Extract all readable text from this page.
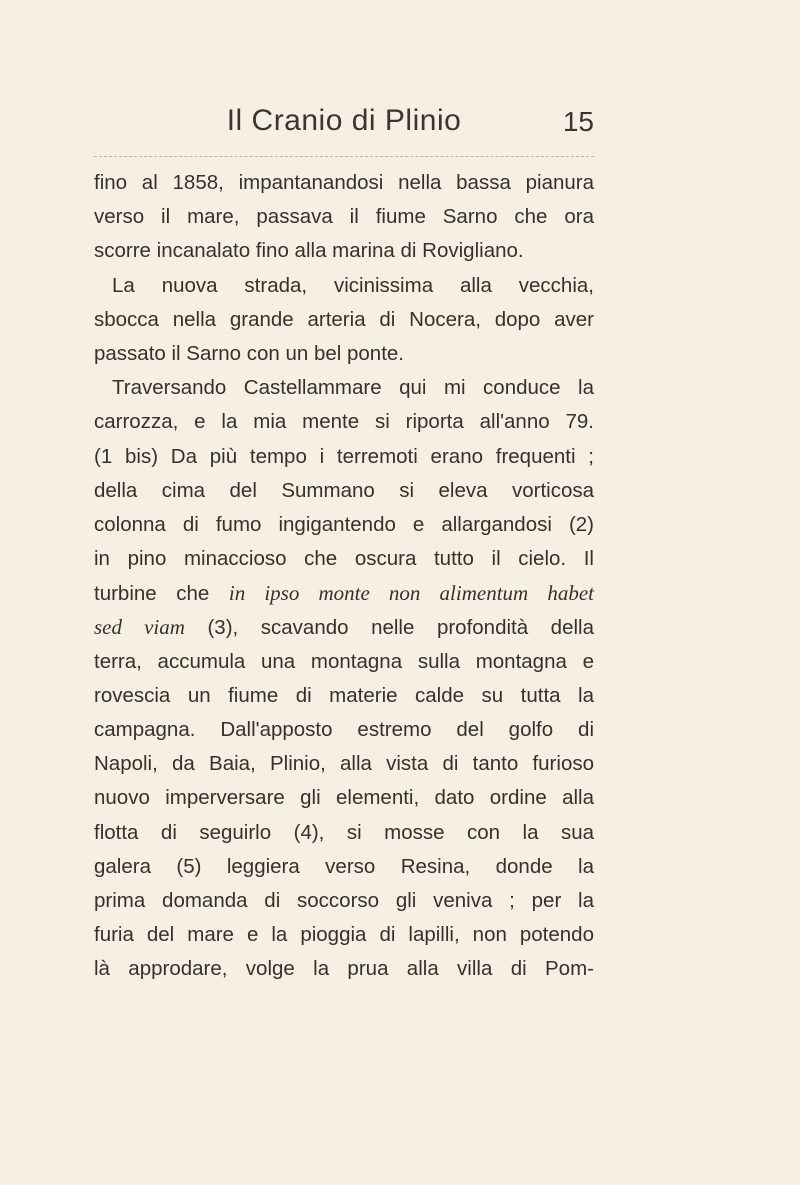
Il Cranio di Plinio	15
fino al 1858, impantanandosi nella bassa pianura
verso il mare, passava il fiume Sarno che ora
scorre incanalato fino alla marina di Rovigliano.
La nuova strada, vicinissima alla vecchia,
sbocca nella grande arteria di Nocera, dopo aver
passato il Sarno con un bel ponte.
Traversando Castellammare qui mi conduce la
carrozza, e la mia mente si riporta all'anno 79.
(1 bis) Da più tempo i terremoti erano frequenti ;
della cima del Summano si eleva vorticosa
colonna di fumo ingigantendo e allargandosi (2)
in pino minaccioso che oscura tutto il cielo. Il
turbine che in ipso monte non alimentum habet
sed viam (3), scavando nelle profondità della
terra, accumula una montagna sulla montagna e
rovescia un fiume di materie calde su tutta la
campagna. Dall'apposto estremo del golfo di
Napoli, da Baia, Plinio, alla vista di tanto furioso
nuovo imperversare gli elementi, dato ordine alla
flotta di seguirlo (4), si mosse con la sua
galera (5) leggiera verso Resina, donde la
prima domanda di soccorso gli veniva ; per la
furia del mare e la pioggia di lapilli, non potendo
là approdare, volge la prua alla villa di Pom-
